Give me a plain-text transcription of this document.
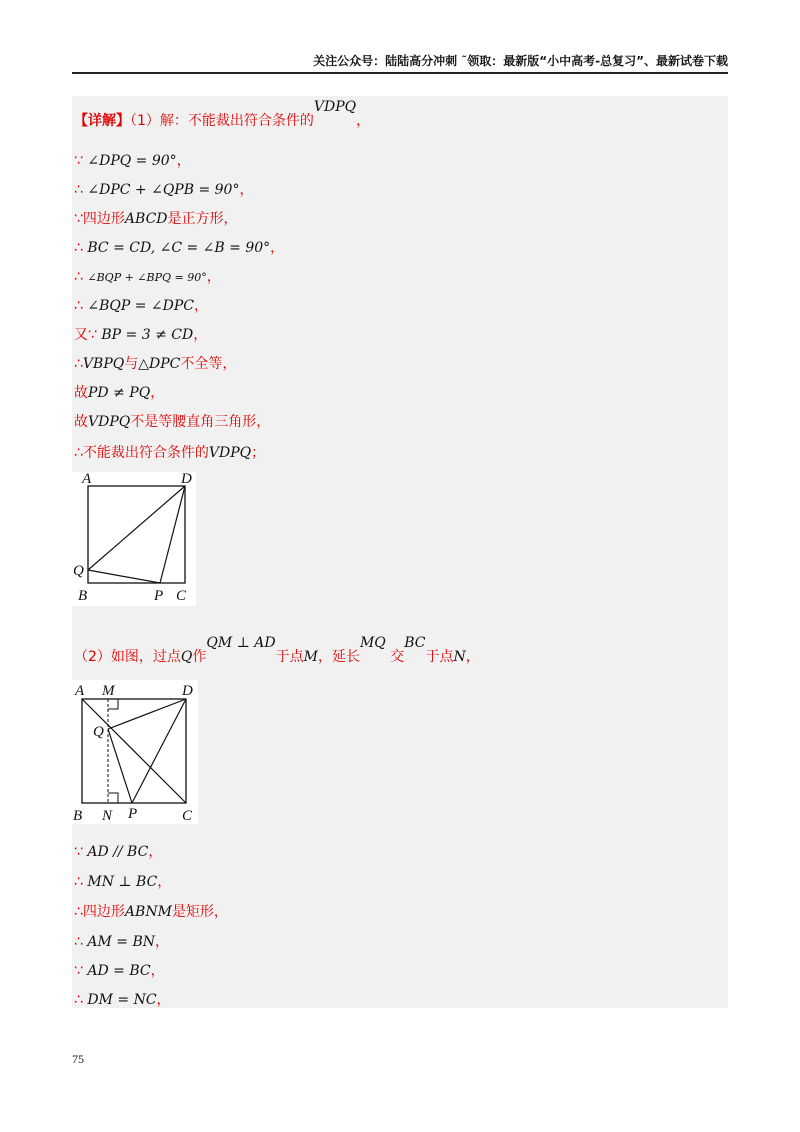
关注公众号：陆陆高分冲刺 ˜领取：最新版“小中高考-总复习”、最新试卷下载
【详解】（1）解：不能裁出符合条件的VDPQ，
∵ ∠DPQ = 90°，
∴ ∠DPC + ∠QPB = 90°，
∵四边形ABCD是正方形，
∴ BC = CD, ∠C = ∠B = 90°，
∴ ∠BQP + ∠BPQ = 90°，
∴ ∠BQP = ∠DPC，
又∵ BP = 3 ≠ CD，
∴VBPQ与△DPC不全等，
故PD ≠ PQ，
故VDPQ不是等腰直角三角形，
∴不能裁出符合条件的VDPQ；
A	D
Q
B	P C
（2）如图，过点Q作QM ⊥ AD于点M，延长MQ 交BC于点N，
A M	D
Q
B N P	C
∵ AD // BC，
∴ MN ⊥ BC，
∴四边形ABNM是矩形，
∴ AM = BN，
∵ AD = BC，
∴ DM = NC，
75
